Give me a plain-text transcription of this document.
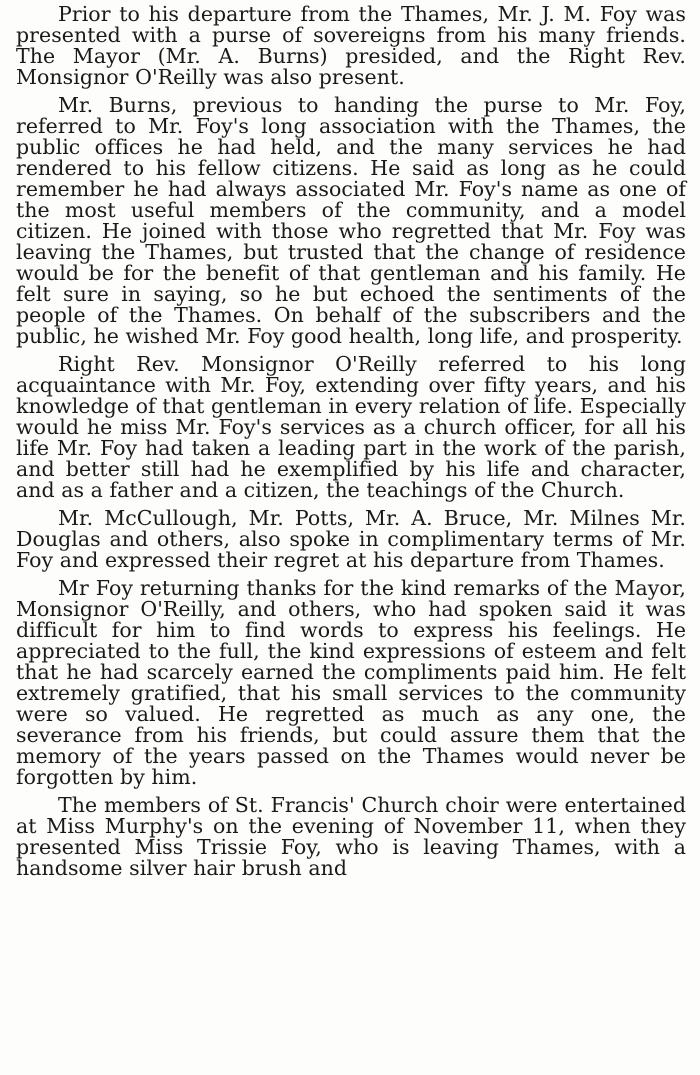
Prior to his departure from the Thames, Mr. J. M. Foy was presented with a purse of sovereigns from his many friends. The Mayor (Mr. A. Burns) presided, and the Right Rev. Monsignor O'Reilly was also present.

Mr. Burns, previous to handing the purse to Mr. Foy, referred to Mr. Foy's long association with the Thames, the public offices he had held, and the many services he had rendered to his fellow citizens. He said as long as he could remember he had always associated Mr. Foy's name as one of the most useful members of the community, and a model citizen. He joined with those who regretted that Mr. Foy was leaving the Thames, but trusted that the change of residence would be for the benefit of that gentleman and his family. He felt sure in saying, so he but echoed the sentiments of the people of the Thames. On behalf of the subscribers and the public, he wished Mr. Foy good health, long life, and prosperity.

Right Rev. Monsignor O'Reilly referred to his long acquaintance with Mr. Foy, extending over fifty years, and his knowledge of that gentleman in every relation of life. Especially would he miss Mr. Foy's services as a church officer, for all his life Mr. Foy had taken a leading part in the work of the parish, and better still had he exemplified by his life and character, and as a father and a citizen, the teachings of the Church.

Mr. McCullough, Mr. Potts, Mr. A. Bruce, Mr. Milnes Mr. Douglas and others, also spoke in complimentary terms of Mr. Foy and expressed their regret at his departure from Thames.

Mr Foy returning thanks for the kind remarks of the Mayor, Monsignor O'Reilly, and others, who had spoken said it was difficult for him to find words to express his feelings. He appreciated to the full, the kind expressions of esteem and felt that he had scarcely earned the compliments paid him. He felt extremely gratified, that his small services to the community were so valued. He regretted as much as any one, the severance from his friends, but could assure them that the memory of the years passed on the Thames would never be forgotten by him.

The members of St. Francis' Church choir were entertained at Miss Murphy's on the evening of November 11, when they presented Miss Trissie Foy, who is leaving Thames, with a handsome silver hair brush and
